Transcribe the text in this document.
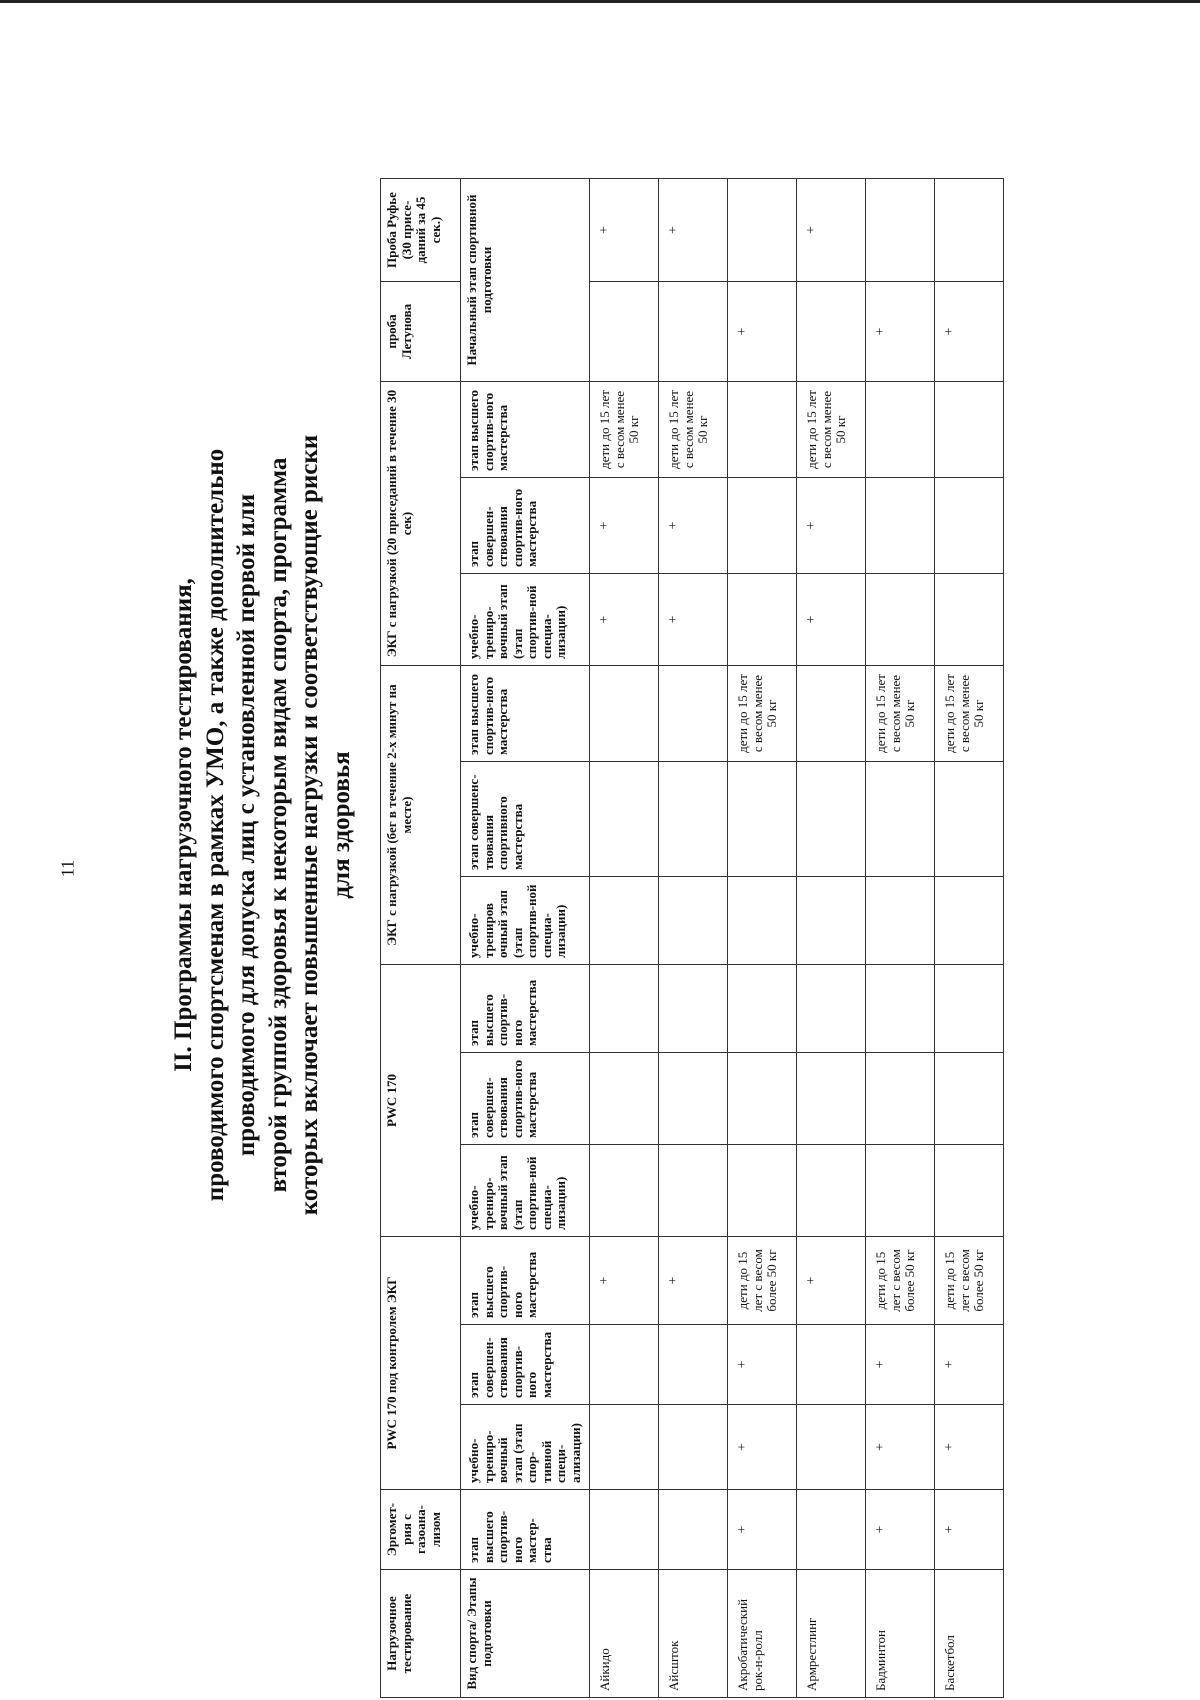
11	II. Программы нагрузочного тестирования, проводимого спортсменам в рамках УМО, а также дополнительно проводимого для допуска лиц с установленной первой или второй группой здоровья к некоторым видам спорта, программа которых включает повышенные нагрузки и соответствующие риски для здоровья
Нагрузочное тестирование	Эргомет-рия с газоана-лизом	PWC 170 под контролем ЭКГ			PWC 170			ЭКГ с нагрузкой (бег в течение 2-х минут на месте)			ЭКГ с нагрузкой (20 приседаний в течение 30 сек)			проба Летунова	Проба Руфье (30 присе-даний за 45 сек.)
Вид спорта/ Этапы подготовки	этап высшего спортив-ного мастер-ства	учебно-трениро-вочный этап (этап спор-тивной специ-ализации)	этап совершен-ствования спортив-ного мастерства	этап высшего спортив-ного мастерства	учебно-трениро-вочный этап (этап спортив-ной специа-лизации)	этап совершен-ствования спортив-ного мастерства	этап высшего спортив-ного мастерства	учебно-трениров очный этап (этап спортив-ной специа-лизации)	этап совершенс-твования спортивного мастерства	этап высшего спортив-ного мастерства	учебно-трениро-вочный этап (этап спортив-ной специа-лизации)	этап совершен-ствования спортив-ного мастерства	этап высшего спортив-ного мастерства	Начальный этап спортивной подготовки	
Айкидо				+							+	+	дети до 15 лет с весом менее 50 кг		+
Айсшток				+							+	+	дети до 15 лет с весом менее 50 кг		+
Акробатический рок-н-ролл	+	+	+	дети до 15 лет с весом более 50 кг						дети до 15 лет с весом менее 50 кг				+	
Армрестлинг				+							+	+	дети до 15 лет с весом менее 50 кг		+
Бадминтон	+	+	+	дети до 15 лет с весом более 50 кг						дети до 15 лет с весом менее 50 кг				+	
Баскетбол	+	+	+	дети до 15 лет с весом более 50 кг						дети до 15 лет с весом менее 50 кг				+	
